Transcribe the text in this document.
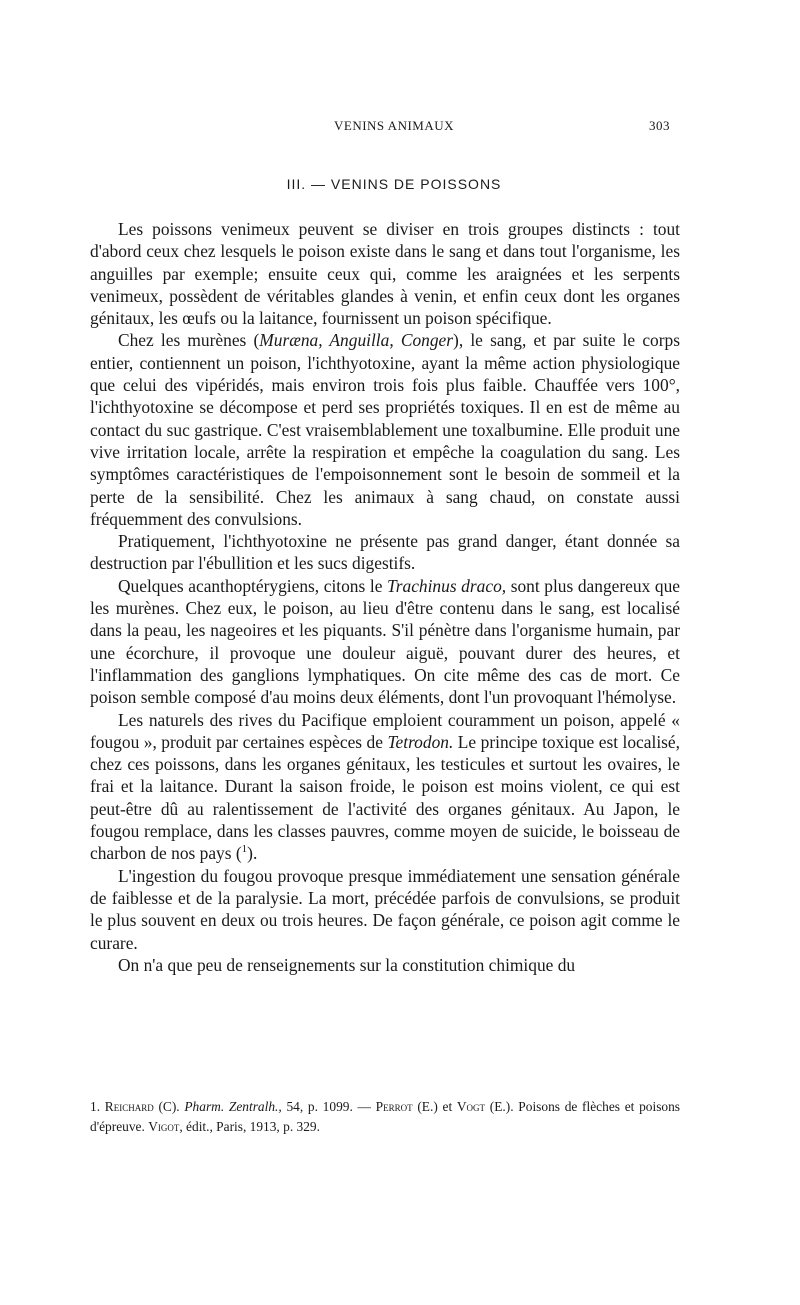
VENINS ANIMAUX	303
III. — VENINS DE POISSONS

Les poissons venimeux peuvent se diviser en trois groupes distincts : tout d'abord ceux chez lesquels le poison existe dans le sang et dans tout l'organisme, les anguilles par exemple; ensuite ceux qui, comme les araignées et les serpents venimeux, possèdent de véritables glandes à venin, et enfin ceux dont les organes génitaux, les œufs ou la laitance, fournissent un poison spécifique.

Chez les murènes (Muræna, Anguilla, Conger), le sang, et par suite le corps entier, contiennent un poison, l'ichthyotoxine, ayant la même action physiologique que celui des vipéridés, mais environ trois fois plus faible. Chauffée vers 100°, l'ichthyotoxine se décompose et perd ses propriétés toxiques. Il en est de même au contact du suc gastrique. C'est vraisemblablement une toxalbumine. Elle produit une vive irritation locale, arrête la respiration et empêche la coagulation du sang. Les symptômes caractéristiques de l'empoisonnement sont le besoin de sommeil et la perte de la sensibilité. Chez les animaux à sang chaud, on constate aussi fréquemment des convulsions.

Pratiquement, l'ichthyotoxine ne présente pas grand danger, étant donnée sa destruction par l'ébullition et les sucs digestifs.

Quelques acanthoptérygiens, citons le Trachinus draco, sont plus dangereux que les murènes. Chez eux, le poison, au lieu d'être contenu dans le sang, est localisé dans la peau, les nageoires et les piquants. S'il pénètre dans l'organisme humain, par une écorchure, il provoque une douleur aiguë, pouvant durer des heures, et l'inflammation des ganglions lymphatiques. On cite même des cas de mort. Ce poison semble composé d'au moins deux éléments, dont l'un provoquant l'hémolyse.

Les naturels des rives du Pacifique emploient couramment un poison, appelé « fougou », produit par certaines espèces de Tetrodon. Le principe toxique est localisé, chez ces poissons, dans les organes génitaux, les testicules et surtout les ovaires, le frai et la laitance. Durant la saison froide, le poison est moins violent, ce qui est peut-être dû au ralentissement de l'activité des organes génitaux. Au Japon, le fougou remplace, dans les classes pauvres, comme moyen de suicide, le boisseau de charbon de nos pays ($^1$).

L'ingestion du fougou provoque presque immédiatement une sensation générale de faiblesse et de la paralysie. La mort, précédée parfois de convulsions, se produit le plus souvent en deux ou trois heures. De façon générale, ce poison agit comme le curare.

On n'a que peu de renseignements sur la constitution chimique du

1. Reichard (C). Pharm. Zentralh., 54, p. 1099. — Perrot (E.) et Vogt (E.). Poisons de flèches et poisons d'épreuve. Vigot, édit., Paris, 1913, p. 329.
